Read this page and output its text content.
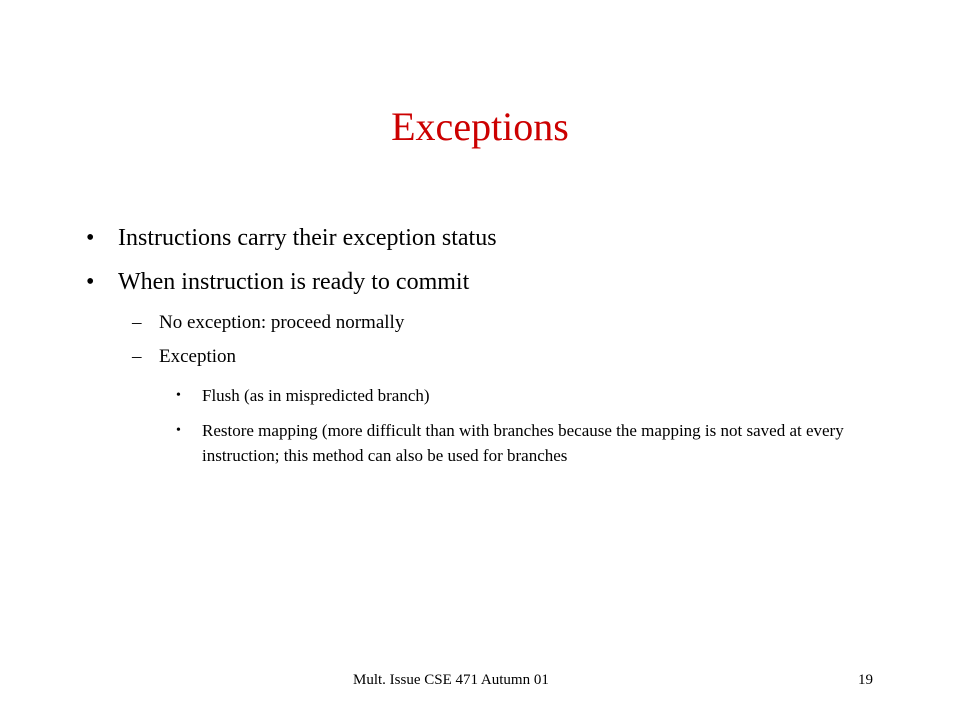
Exceptions
• Instructions carry their exception status
• When instruction is ready to commit
– No exception: proceed normally
– Exception
• Flush (as in mispredicted branch)
• Restore mapping (more difficult than with branches because the mapping is not saved at every instruction; this method can also be used for branches
Mult. Issue CSE 471 Autumn 01	19
